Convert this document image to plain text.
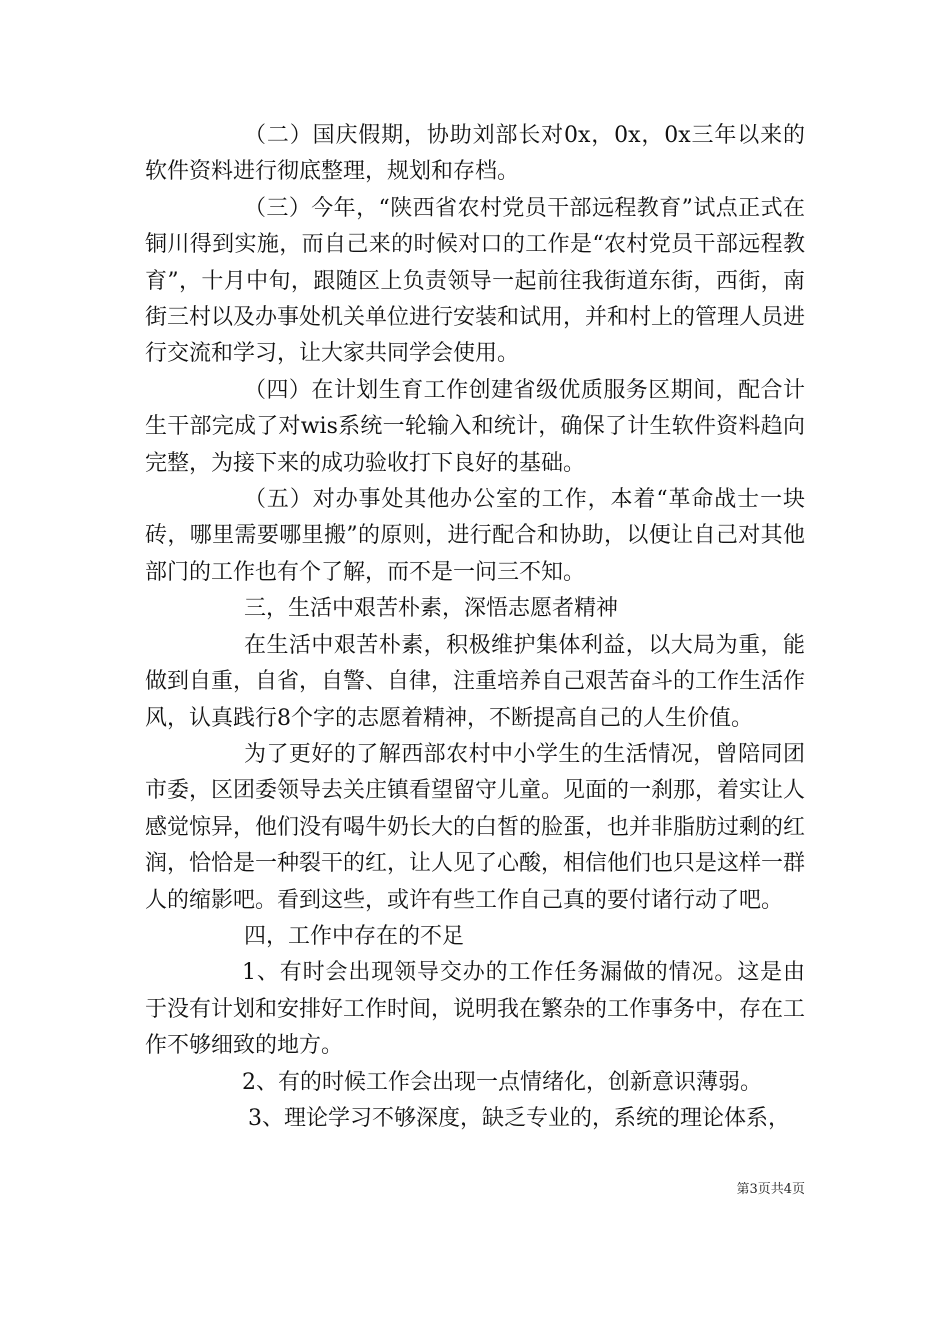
（二）国庆假期，协助刘部长对0x，0x，0x三年以来的软件资料进行彻底整理，规划和存档。

（三）今年，“陕西省农村党员干部远程教育”试点正式在铜川得到实施，而自己来的时候对口的工作是“农村党员干部远程教育”，十月中旬，跟随区上负责领导一起前往我街道东街，西街，南街三村以及办事处机关单位进行安装和试用，并和村上的管理人员进行交流和学习，让大家共同学会使用。

（四）在计划生育工作创建省级优质服务区期间，配合计生干部完成了对wis系统一轮输入和统计，确保了计生软件资料趋向完整，为接下来的成功验收打下良好的基础。

（五）对办事处其他办公室的工作，本着“革命战士一块砖，哪里需要哪里搬”的原则，进行配合和协助，以便让自己对其他部门的工作也有个了解，而不是一问三不知。

三，生活中艰苦朴素，深悟志愿者精神

在生活中艰苦朴素，积极维护集体利益，以大局为重，能做到自重，自省，自警、自律，注重培养自己艰苦奋斗的工作生活作风，认真践行8个字的志愿着精神，不断提高自己的人生价值。

为了更好的了解西部农村中小学生的生活情况，曾陪同团市委，区团委领导去关庄镇看望留守儿童。见面的一刹那，着实让人感觉惊异，他们没有喝牛奶长大的白皙的脸蛋，也并非脂肪过剩的红润，恰恰是一种裂干的红，让人见了心酸，相信他们也只是这样一群人的缩影吧。看到这些，或许有些工作自己真的要付诸行动了吧。

四，工作中存在的不足

1、有时会出现领导交办的工作任务漏做的情况。这是由于没有计划和安排好工作时间，说明我在繁杂的工作事务中，存在工作不够细致的地方。

2、有的时候工作会出现一点情绪化，创新意识薄弱。

3、理论学习不够深度，缺乏专业的，系统的理论体系，

第3页共4页
